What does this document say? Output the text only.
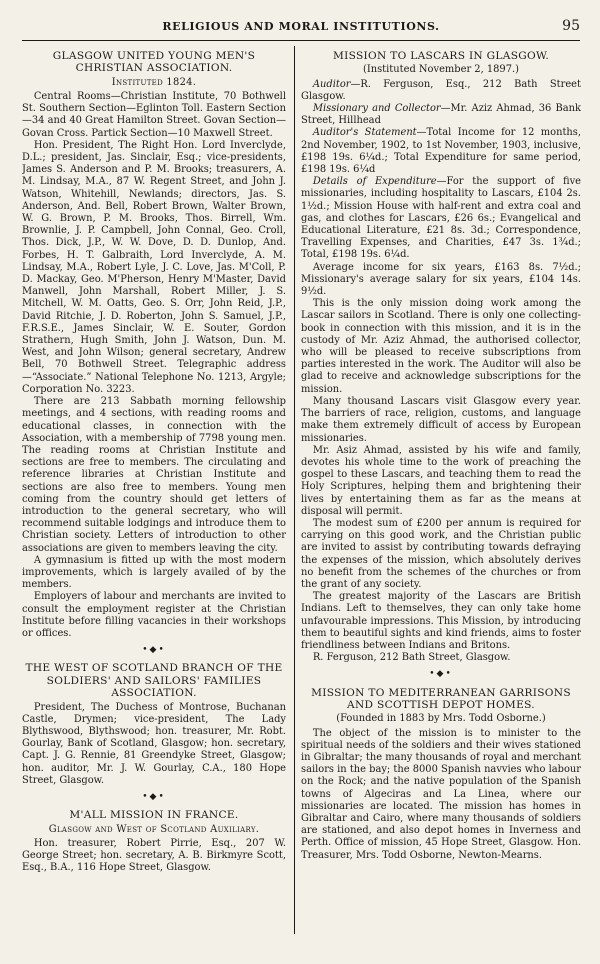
RELIGIOUS AND MORAL INSTITUTIONS.	95
GLASGOW UNITED YOUNG MEN'S CHRISTIAN ASSOCIATION.
Instituted 1824.

Central Rooms—Christian Institute, 70 Bothwell St. Southern Section—Eglinton Toll. Eastern Section—34 and 40 Great Hamilton Street. Govan Section—Govan Cross. Partick Section—10 Maxwell Street.

Hon. President, The Right Hon. Lord Inverclyde, D.L.; president, Jas. Sinclair, Esq.; vice-presidents, James S. Anderson and P. M. Brooks; treasurers, A. M. Lindsay, M.A., 87 W. Regent Street, and John J. Watson, Whitehill, Newlands; directors, Jas. S. Anderson, And. Bell, Robert Brown, Walter Brown, W. G. Brown, P. M. Brooks, Thos. Birrell, Wm. Brownlie, J. P. Campbell, John Connal, Geo. Croll, Thos. Dick, J.P., W. W. Dove, D. D. Dunlop, And. Forbes, H. T. Galbraith, Lord Inverclyde, A. M. Lindsay, M.A., Robert Lyle, J. C. Love, Jas. M'Coll, P. D. Mackay, Geo. M'Pherson, Henry M'Master, David Manwell, John Marshall, Robert Miller, J. S. Mitchell, W. M. Oatts, Geo. S. Orr, John Reid, J.P., David Ritchie, J. D. Roberton, John S. Samuel, J.P., F.R.S.E., James Sinclair, W. E. Souter, Gordon Strathern, Hugh Smith, John J. Watson, Dun. M. West, and John Wilson; general secretary, Andrew Bell, 70 Bothwell Street. Telegraphic address—“Associate.” National Telephone No. 1213, Argyle; Corporation No. 3223.

There are 213 Sabbath morning fellowship meetings, and 4 sections, with reading rooms and educational classes, in connection with the Association, with a membership of 7798 young men. The reading rooms at Christian Institute and sections are free to members. The circulating and reference libraries at Christian Institute and sections are also free to members. Young men coming from the country should get letters of introduction to the general secretary, who will recommend suitable lodgings and introduce them to Christian society. Letters of introduction to other associations are given to members leaving the city.

A gymnasium is fitted up with the most modern improvements, which is largely availed of by the members.

Employers of labour and merchants are invited to consult the employment register at the Christian Institute before filling vacancies in their workshops or offices.

•◆•
THE WEST OF SCOTLAND BRANCH OF THE SOLDIERS' AND SAILORS' FAMILIES ASSOCIATION.

President, The Duchess of Montrose, Buchanan Castle, Drymen; vice-president, The Lady Blythswood, Blythswood; hon. treasurer, Mr. Robt. Gourlay, Bank of Scotland, Glasgow; hon. secretary, Capt. J. G. Rennie, 81 Greendyke Street, Glasgow; hon. auditor, Mr. J. W. Gourlay, C.A., 180 Hope Street, Glasgow.

•◆•
M'ALL MISSION IN FRANCE.
Glasgow and West of Scotland Auxiliary.

Hon. treasurer, Robert Pirrie, Esq., 207 W. George Street; hon. secretary, A. B. Birkmyre Scott, Esq., B.A., 116 Hope Street, Glasgow.

MISSION TO LASCARS IN GLASGOW.
(Instituted November 2, 1897.)

Auditor—R. Ferguson, Esq., 212 Bath Street Glasgow.

Missionary and Collector—Mr. Aziz Ahmad, 36 Bank Street, Hillhead

Auditor's Statement—Total Income for 12 months, 2nd November, 1902, to 1st November, 1903, inclusive, £198 19s. 6¼d.; Total Expenditure for same period, £198 19s. 6¼d

Details of Expenditure—For the support of five missionaries, including hospitality to Lascars, £104 2s. 1½d.; Mission House with half-rent and extra coal and gas, and clothes for Lascars, £26 6s.; Evangelical and Educational Literature, £21 8s. 3d.; Correspondence, Travelling Expenses, and Charities, £47 3s. 1¾d.; Total, £198 19s. 6¼d.

Average income for six years, £163 8s. 7½d.; Missionary's average salary for six years, £104 14s. 9½d.

This is the only mission doing work among the Lascar sailors in Scotland. There is only one collecting-book in connection with this mission, and it is in the custody of Mr. Aziz Ahmad, the authorised collector, who will be pleased to receive subscriptions from parties interested in the work. The Auditor will also be glad to receive and acknowledge subscriptions for the mission.

Many thousand Lascars visit Glasgow every year. The barriers of race, religion, customs, and language make them extremely difficult of access by European missionaries.

Mr. Asiz Ahmad, assisted by his wife and family, devotes his whole time to the work of preaching the gospel to these Lascars, and teaching them to read the Holy Scriptures, helping them and brightening their lives by entertaining them as far as the means at disposal will permit.

The modest sum of £200 per annum is required for carrying on this good work, and the Christian public are invited to assist by contributing towards defraying the expenses of the mission, which absolutely derives no benefit from the schemes of the churches or from the grant of any society.

The greatest majority of the Lascars are British Indians. Left to themselves, they can only take home unfavourable impressions. This Mission, by introducing them to beautiful sights and kind friends, aims to foster friendliness between Indians and Britons.

R. Ferguson, 212 Bath Street, Glasgow.

•◆•
MISSION TO MEDITERRANEAN GARRISONS AND SCOTTISH DEPOT HOMES.
(Founded in 1883 by Mrs. Todd Osborne.)

The object of the mission is to minister to the spiritual needs of the soldiers and their wives stationed in Gibraltar; the many thousands of royal and merchant sailors in the bay; the 8000 Spanish navvies who labour on the Rock; and the native population of the Spanish towns of Algeciras and La Linea, where our missionaries are located. The mission has homes in Gibraltar and Cairo, where many thousands of soldiers are stationed, and also depot homes in Inverness and Perth. Office of mission, 45 Hope Street, Glasgow. Hon. Treasurer, Mrs. Todd Osborne, Newton-Mearns.
